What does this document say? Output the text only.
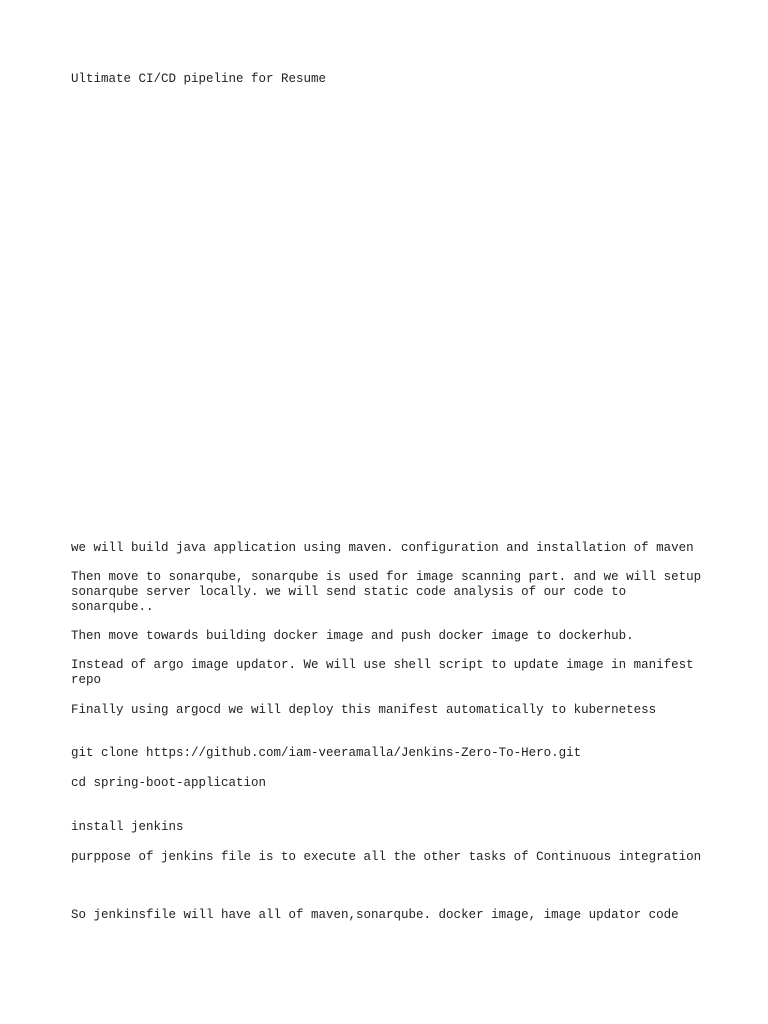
Ultimate CI/CD pipeline for Resume

we will build java application using maven. configuration and installation of maven

Then move to sonarqube, sonarqube is used for image scanning part. and we will setup sonarqube server locally. we will send static code analysis of our code to sonarqube..

Then move towards building docker image and push docker image to dockerhub.

Instead of argo image updator. We will use shell script to update image in manifest repo

Finally using argocd we will deploy this manifest automatically to kubernetess

git clone https://github.com/iam-veeramalla/Jenkins-Zero-To-Hero.git

cd spring-boot-application

install jenkins

purppose of jenkins file is to execute all the other tasks of Continuous integration

So jenkinsfile will have all of maven,sonarqube. docker image, image updator code
